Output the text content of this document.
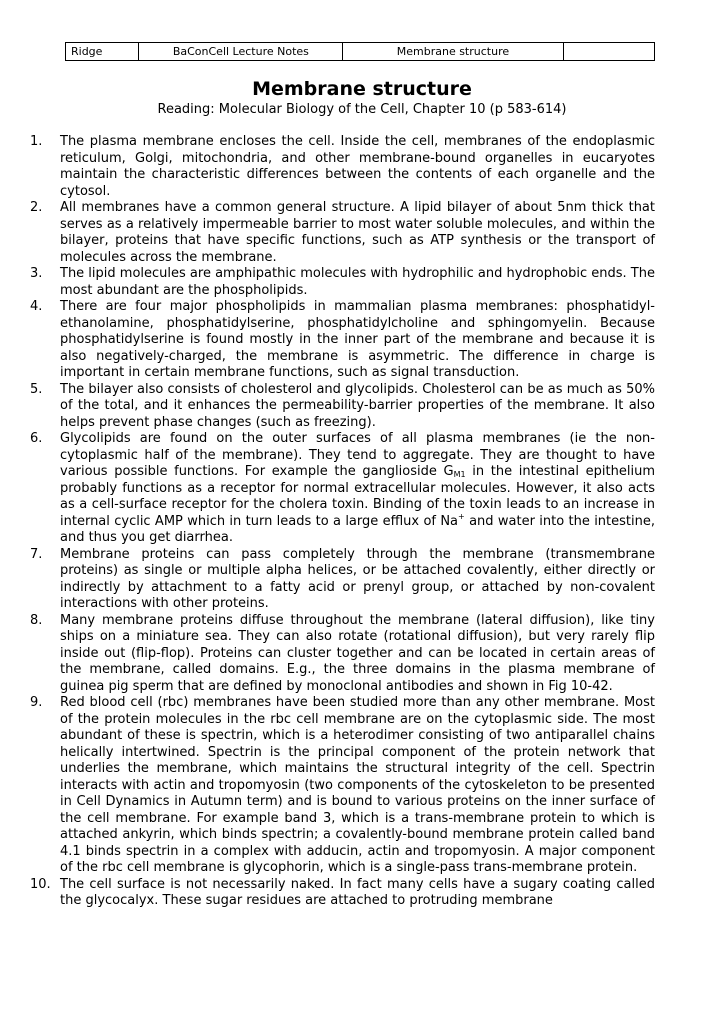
Ridge	BaConCell Lecture Notes	Membrane structure	
Membrane structure
Reading: Molecular Biology of the Cell, Chapter 10 (p 583-614)
1.	The plasma membrane encloses the cell. Inside the cell, membranes of the endoplasmic reticulum, Golgi, mitochondria, and other membrane-bound organelles in eucaryotes maintain the characteristic differences between the contents of each organelle and the cytosol.
2.	All membranes have a common general structure. A lipid bilayer of about 5nm thick that serves as a relatively impermeable barrier to most water soluble molecules, and within the bilayer, proteins that have specific functions, such as ATP synthesis or the transport of molecules across the membrane.
3.	The lipid molecules are amphipathic molecules with hydrophilic and hydrophobic ends. The most abundant are the phospholipids.
4.	There are four major phospholipids in mammalian plasma membranes: phosphatidyl-ethanolamine, phosphatidylserine, phosphatidylcholine and sphingomyelin. Because phosphatidylserine is found mostly in the inner part of the membrane and because it is also negatively-charged, the membrane is asymmetric. The difference in charge is important in certain membrane functions, such as signal transduction.
5.	The bilayer also consists of cholesterol and glycolipids. Cholesterol can be as much as 50% of the total, and it enhances the permeability-barrier properties of the membrane. It also helps prevent phase changes (such as freezing).
6.	Glycolipids are found on the outer surfaces of all plasma membranes (ie the non-cytoplasmic half of the membrane). They tend to aggregate. They are thought to have various possible functions. For example the ganglioside $G_{M1}$ in the intestinal epithelium probably functions as a receptor for normal extracellular molecules. However, it also acts as a cell-surface receptor for the cholera toxin. Binding of the toxin leads to an increase in internal cyclic AMP which in turn leads to a large efflux of Na+ and water into the intestine, and thus you get diarrhea.
7.	Membrane proteins can pass completely through the membrane (transmembrane proteins) as single or multiple alpha helices, or be attached covalently, either directly or indirectly by attachment to a fatty acid or prenyl group, or attached by non-covalent interactions with other proteins.
8.	Many membrane proteins diffuse throughout the membrane (lateral diffusion), like tiny ships on a miniature sea. They can also rotate (rotational diffusion), but very rarely flip inside out (flip-flop). Proteins can cluster together and can be located in certain areas of the membrane, called domains. E.g., the three domains in the plasma membrane of guinea pig sperm that are defined by monoclonal antibodies and shown in Fig 10-42.
9.	Red blood cell (rbc) membranes have been studied more than any other membrane. Most of the protein molecules in the rbc cell membrane are on the cytoplasmic side. The most abundant of these is spectrin, which is a heterodimer consisting of two antiparallel chains helically intertwined. Spectrin is the principal component of the protein network that underlies the membrane, which maintains the structural integrity of the cell. Spectrin interacts with actin and tropomyosin (two components of the cytoskeleton to be presented in Cell Dynamics in Autumn term) and is bound to various proteins on the inner surface of the cell membrane. For example band 3, which is a trans-membrane protein to which is attached ankyrin, which binds spectrin; a covalently-bound membrane protein called band 4.1 binds spectrin in a complex with adducin, actin and tropomyosin. A major component of the rbc cell membrane is glycophorin, which is a single-pass trans-membrane protein.
10. The cell surface is not necessarily naked. In fact many cells have a sugary coating called the glycocalyx. These sugar residues are attached to protruding membrane
